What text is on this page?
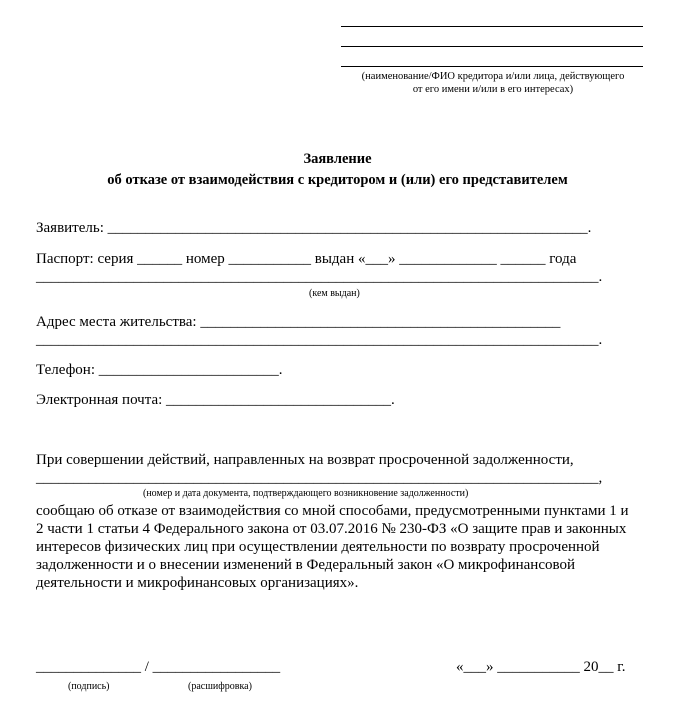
(наименование/ФИО кредитора и/или лица, действующего
от его имени и/или в его интересах)
Заявление
об отказе от взаимодействия с кредитором и (или) его представителем
Заявитель: ________________________________________________________________.
Паспорт: серия ______ номер ___________ выдан «___» _____________ ______ года
___________________________________________________________________________.
(кем выдан)
Адрес места жительства: ________________________________________________
___________________________________________________________________________.
Телефон: ________________________.
Электронная почта: ______________________________.
При совершении действий, направленных на возврат просроченной задолженности,
___________________________________________________________________________,
(номер и дата документа, подтверждающего возникновение задолженности)
сообщаю об отказе от взаимодействия со мной способами, предусмотренными пунктами 1 и 2 части 1 статьи 4 Федерального закона от 03.07.2016 № 230-ФЗ «О защите прав и законных интересов физических лиц при осуществлении деятельности по возврату просроченной задолженности и о внесении изменений в Федеральный закон «О микрофинансовой деятельности и микрофинансовых организациях».
______________ / _________________	«___» ___________ 20__ г.
(подпись)	(расшифровка)
